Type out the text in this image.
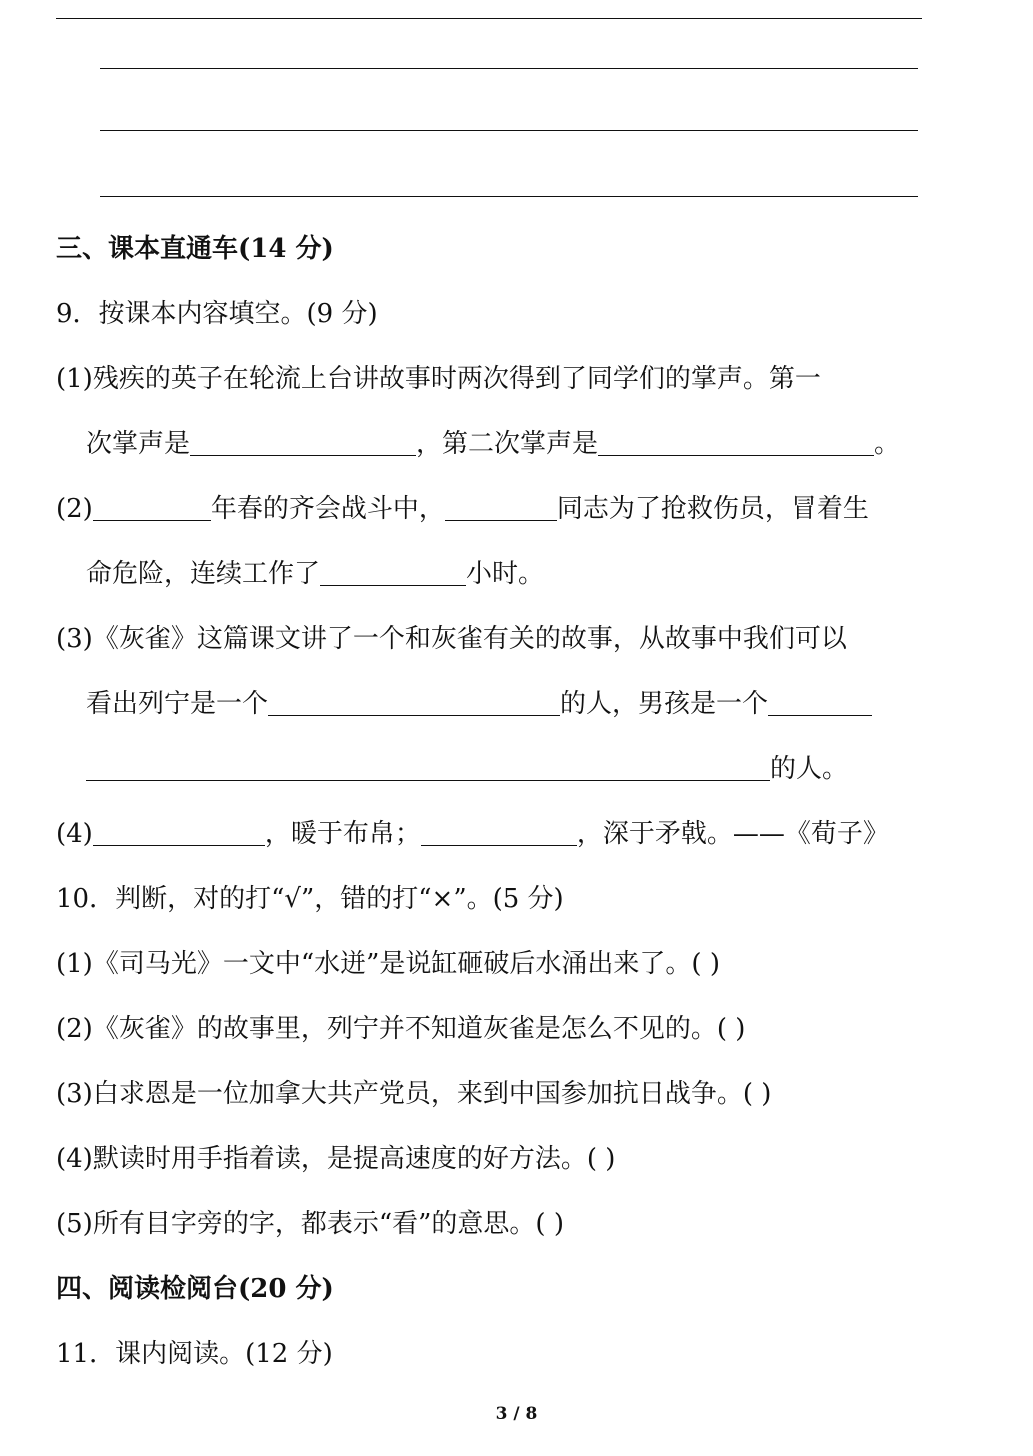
三、课本直通车(14 分)
9．按课本内容填空。(9 分)
(1)残疾的英子在轮流上台讲故事时两次得到了同学们的掌声。第一
次掌声是	，第二次掌声是	。
(2)	年春的齐会战斗中，	同志为了抢救伤员，冒着生
命危险，连续工作了	小时。
(3)《灰雀》这篇课文讲了一个和灰雀有关的故事，从故事中我们可以
看出列宁是一个	的人，男孩是一个
的人。
(4)	，暖于布帛；	，深于矛戟。——《荀子》
10．判断，对的打“√”，错的打“×”。(5 分)
(1)《司马光》一文中“水迸”是说缸砸破后水涌出来了。( )
(2)《灰雀》的故事里，列宁并不知道灰雀是怎么不见的。( )
(3)白求恩是一位加拿大共产党员，来到中国参加抗日战争。( )
(4)默读时用手指着读，是提高速度的好方法。( )
(5)所有目字旁的字，都表示“看”的意思。( )
四、阅读检阅台(20 分)
11．课内阅读。(12 分)
3 / 8
